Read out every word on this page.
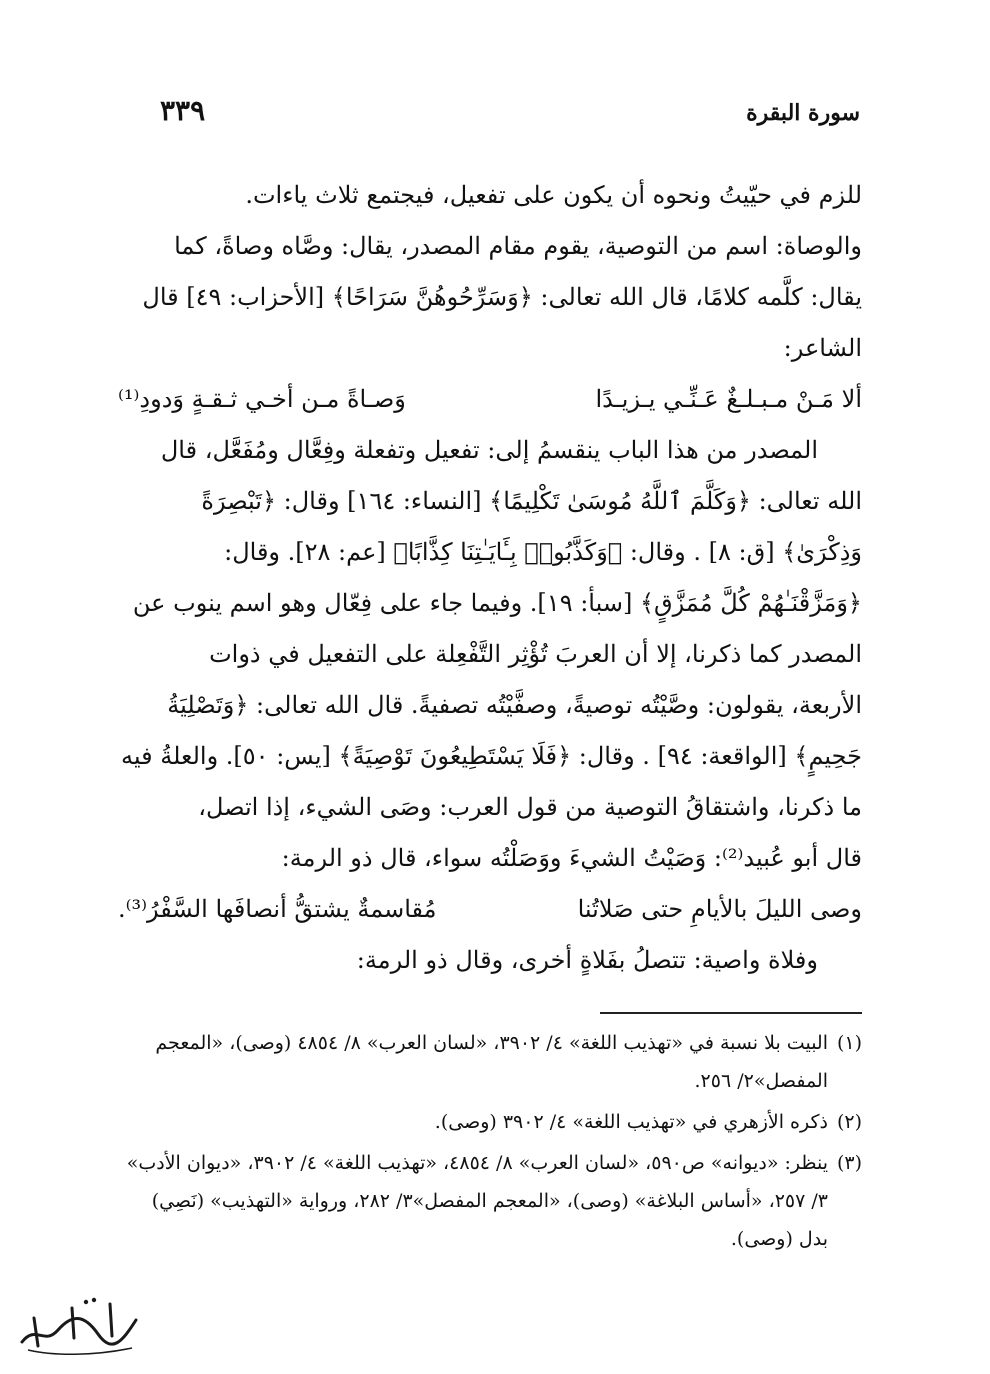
سورة البقرة
٣٣٩

للزم في حيّيتُ ونحوه أن يكون على تفعيل، فيجتمع ثلاث ياءات.

والوصاة: اسم من التوصية، يقوم مقام المصدر، يقال: وصَّاه وصاةً، كما

يقال: كلَّمه كلامًا، قال الله تعالى: ﴿وَسَرِّحُوهُنَّ سَرَاحًا﴾ [الأحزاب: ٤٩] قال

الشاعر:

ألا مَـنْ مـبـلـغٌ عَـنِّـي يـزيـدًا
وَصـاةً مـن أخـي ثـقـةٍ وَدودِ⁽¹⁾

المصدر من هذا الباب ينقسمُ إلى: تفعيل وتفعلة وفِعَّال ومُفَعَّل، قال

الله تعالى: ﴿وَكَلَّمَ ٱللَّهُ مُوسَىٰ تَكْلِيمًا﴾ [النساء: ١٦٤] وقال: ﴿تَبْصِرَةً

وَذِكْرَىٰ﴾ [ق: ٨] . وقال: ﴿وَكَذَّبُوا۟ بِـَٔايَـٰتِنَا كِذَّابًا﴾ [عم: ٢٨]. وقال:

﴿وَمَزَّقْنَـٰهُمْ كُلَّ مُمَزَّقٍ﴾ [سبأ: ١٩]. وفيما جاء على فِعّال وهو اسم ينوب عن

المصدر كما ذكرنا، إلا أن العربَ تُؤْثِر التَّفْعِلة على التفعيل في ذوات

الأربعة، يقولون: وصَّيْتُه توصيةً، وصفَّيْتُه تصفيةً. قال الله تعالى: ﴿وَتَصْلِيَةُ

جَحِيمٍ﴾ [الواقعة: ٩٤] . وقال: ﴿فَلَا يَسْتَطِيعُونَ تَوْصِيَةً﴾ [يس: ٥٠]. والعلةُ فيه

ما ذكرنا، واشتقاقُ التوصية من قول العرب: وصَى الشيء، إذا اتصل،

قال أبو عُبيد⁽²⁾: وَصَيْتُ الشيءَ ووَصَلْتُه سواء، قال ذو الرمة:

وصى الليلَ بالأيامِ حتى صَلاتُنا
مُقاسمةٌ يشتقُّ أنصافَها السَّفْرُ⁽³⁾.

وفلاة واصية: تتصلُ بفَلاةٍ أخرى، وقال ذو الرمة:

(١)
البيت بلا نسبة في «تهذيب اللغة» ٤/ ٣٩٠٢، «لسان العرب» ٨/ ٤٨٥٤ (وصى)، «المعجم المفصل»٢/ ٢٥٦.
(٢)
ذكره الأزهري في «تهذيب اللغة» ٤/ ٣٩٠٢ (وصى).
(٣)
ينظر: «ديوانه» ص٥٩٠، «لسان العرب» ٨/ ٤٨٥٤، «تهذيب اللغة» ٤/ ٣٩٠٢، «ديوان الأدب» ٣/ ٢٥٧، «أساس البلاغة» (وصى)، «المعجم المفصل»٣/ ٢٨٢، ورواية «التهذيب» (نَصِي) بدل (وصى).
